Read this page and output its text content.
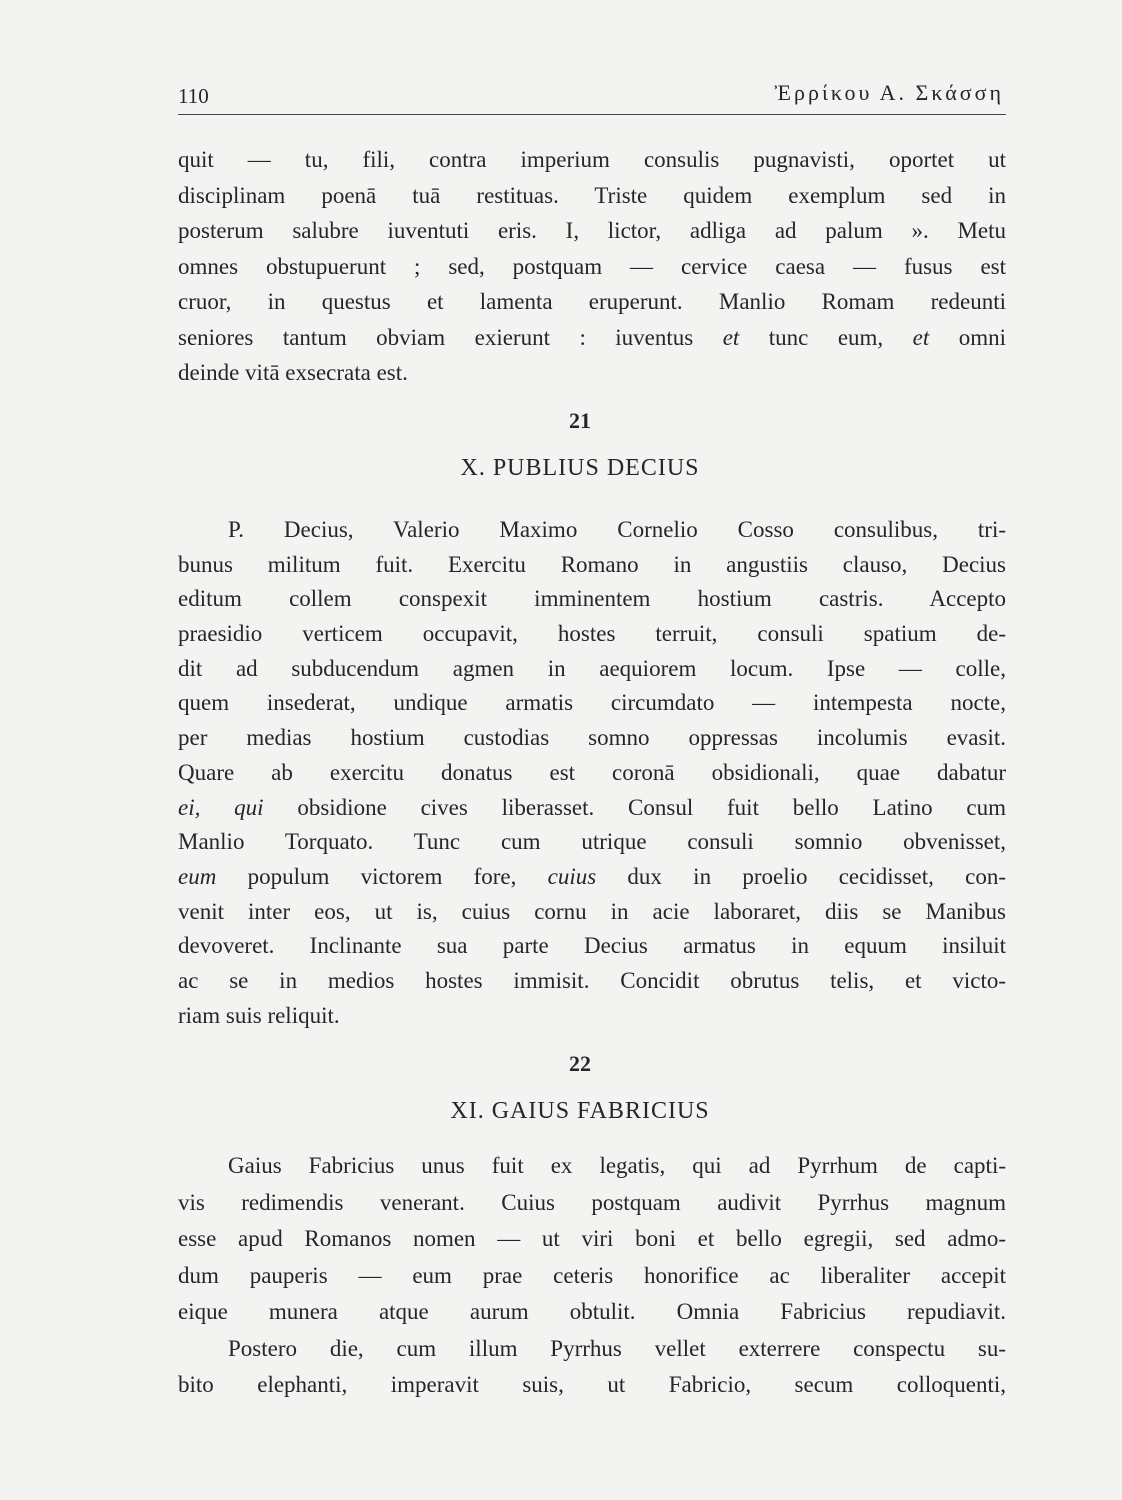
110	Ἐρρίκου Α. Σκάσση
quit — tu, fili, contra imperium consulis pugnavisti, oportet ut
disciplinam poenā tuā restituas. Triste quidem exemplum sed in
posterum salubre iuventuti eris. I, lictor, adliga ad palum ». Metu
omnes obstupuerunt ; sed, postquam — cervice caesa — fusus est
cruor, in questus et lamenta eruperunt. Manlio Romam redeunti
seniores tantum obviam exierunt : iuventus et tunc eum, et omni
deinde vitā exsecrata est.
21
X. PUBLIUS DECIUS
P. Decius, Valerio Maximo Cornelio Cosso consulibus, tri-
bunus militum fuit. Exercitu Romano in angustiis clauso, Decius
editum collem conspexit imminentem hostium castris. Accepto
praesidio verticem occupavit, hostes terruit, consuli spatium de-
dit ad subducendum agmen in aequiorem locum. Ipse — colle,
quem insederat, undique armatis circumdato — intempesta nocte,
per medias hostium custodias somno oppressas incolumis evasit.
Quare ab exercitu donatus est coronā obsidionali, quae dabatur
ei, qui obsidione cives liberasset. Consul fuit bello Latino cum
Manlio Torquato. Tunc cum utrique consuli somnio obvenisset,
eum populum victorem fore, cuius dux in proelio cecidisset, con-
venit inter eos, ut is, cuius cornu in acie laboraret, diis se Manibus
devoveret. Inclinante sua parte Decius armatus in equum insiluit
ac se in medios hostes immisit. Concidit obrutus telis, et victo-
riam suis reliquit.
22
XI. GAIUS FABRICIUS
Gaius Fabricius unus fuit ex legatis, qui ad Pyrrhum de capti-
vis redimendis venerant. Cuius postquam audivit Pyrrhus magnum
esse apud Romanos nomen — ut viri boni et bello egregii, sed admo-
dum pauperis — eum prae ceteris honorifice ac liberaliter accepit
eique munera atque aurum obtulit. Omnia Fabricius repudiavit.
Postero die, cum illum Pyrrhus vellet exterrere conspectu su-
bito elephanti, imperavit suis, ut Fabricio, secum colloquenti,
